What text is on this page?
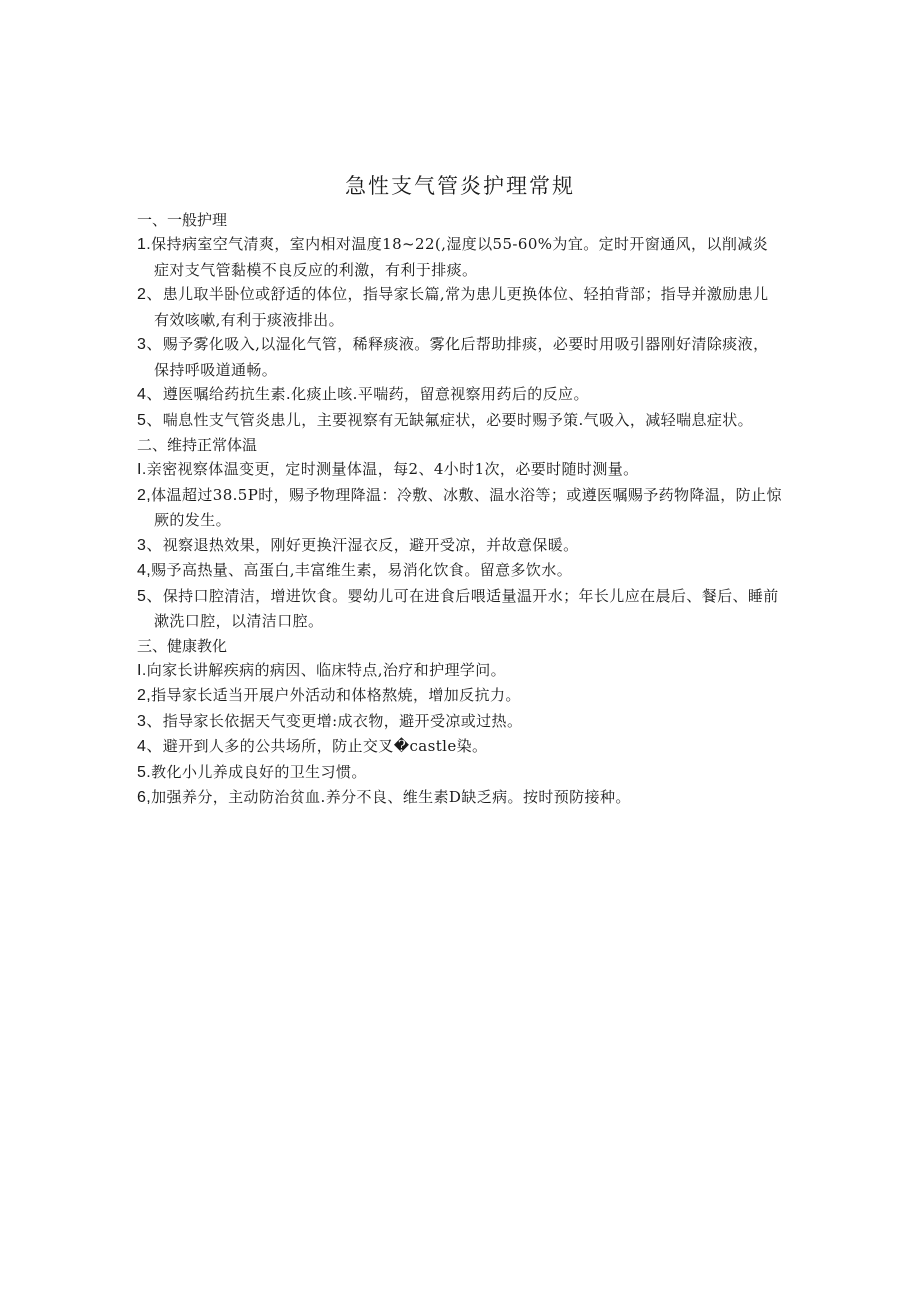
急性支气管炎护理常规
一、一般护理
1.保持病室空气清爽，室内相对温度18~22(,湿度以55-60%为宜。定时开窗通风，以削减炎症对支气管黏模不良反应的利激，有利于排痰。
2、患儿取半卧位或舒适的体位，指导家长篇,常为患儿更换体位、轻拍背部；指导并激励患儿有效咳嗽,有利于痰液排出。
3、赐予雾化吸入,以湿化气管，稀释痰液。雾化后帮助排痰，必要时用吸引器刚好清除痰液，保持呼吸道通畅。
4、遵医嘱给药抗生素.化痰止咳.平喘药，留意视察用药后的反应。
5、喘息性支气管炎患儿，主要视察有无缺氟症状，必要时赐予策.气吸入，减轻喘息症状。
二、维持正常体温
I.亲密视察体温变更，定时测量体温，每2、4小时1次，必要时随时测量。
2,体温超过38.5P时，赐予物理降温：冷敷、冰敷、温水浴等；或遵医嘱赐予药物降温，防止惊厥的发生。
3、视察退热效果，刚好更换汗湿衣反，避开受凉，并故意保暖。
4,赐予高热量、高蛋白,丰富维生素，易消化饮食。留意多饮水。
5、保持口腔清洁，增进饮食。婴幼儿可在进食后喂适量温开水；年长儿应在晨后、餐后、睡前漱洗口腔，以清洁口腔。
三、健康教化
I.向家长讲解疾病的病因、临床特点,治疗和护理学问。
2,指导家长适当开展户外活动和体格熬焼，增加反抗力。
3、指导家长依据天气变更增:成衣物，避开受凉或过热。
4、避开到人多的公共场所，防止交叉�castle染。
5.教化小儿养成良好的卫生习惯。
6,加强养分，主动防治贫血.养分不良、维生素D缺乏病。按时预防接种。
